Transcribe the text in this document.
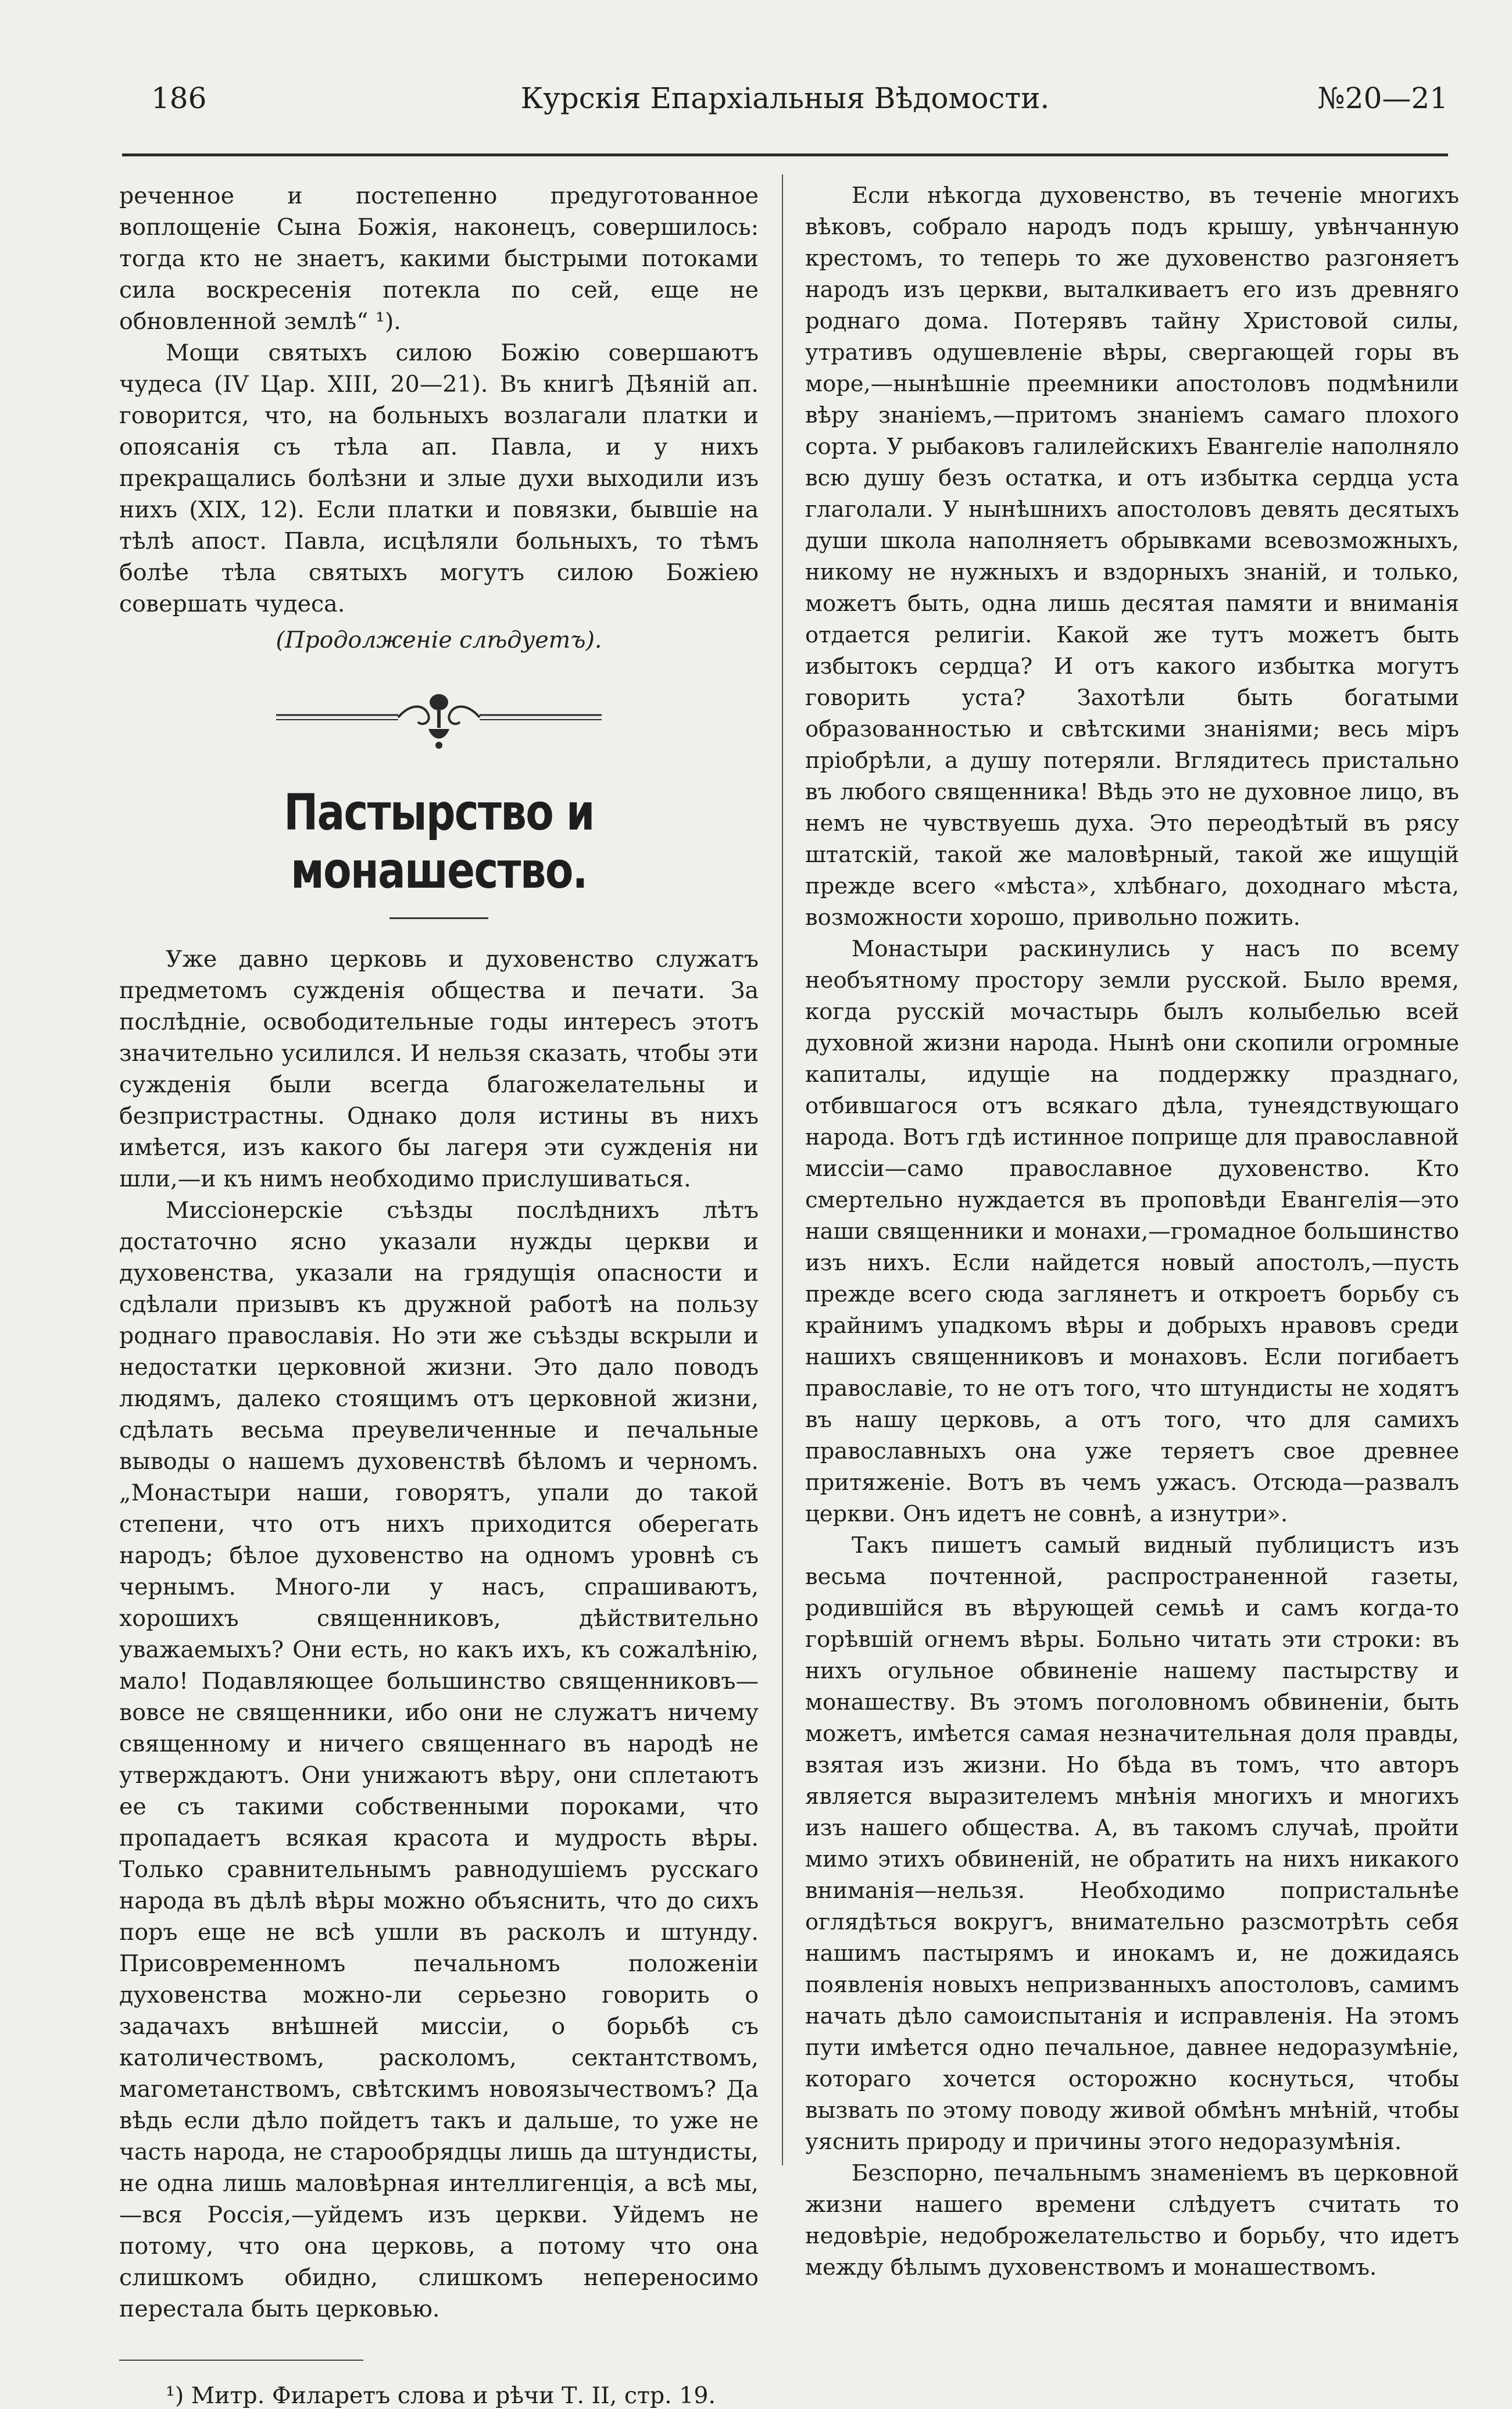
186	Курскія Епархіальныя Вѣдомости.	№20—21

реченное и постепенно предуготованное воплощеніе Сына Божія, наконецъ, совершилось: тогда кто не знаетъ, какими быстрыми потоками сила воскресенія потекла по сей, еще не обновленной землѣ“ ¹).

Мощи святыхъ силою Божію совершаютъ чудеса (IV Цар. XIII, 20—21). Въ книгѣ Дѣяній ап. говорится, что, на больныхъ возлагали платки и опоясанія съ тѣла ап. Павла, и у нихъ прекращались болѣзни и злые духи выходили изъ нихъ (XIX, 12). Если платки и повязки, бывшіе на тѣлѣ апост. Павла, исцѣляли больныхъ, то тѣмъ болѣе тѣла святыхъ могутъ силою Божіею совершать чудеса.

(Продолженіе слѣдуетъ).

Пастырство и монашество.

Уже давно церковь и духовенство служатъ предметомъ сужденія общества и печати. За послѣдніе, освободительные годы интересъ этотъ значительно усилился. И нельзя сказать, чтобы эти сужденія были всегда благожелательны и безпристрастны. Однако доля истины въ нихъ имѣется, изъ какого бы лагеря эти сужденія ни шли,—и къ нимъ необходимо прислушиваться.

Миссіонерскіе съѣзды послѣднихъ лѣтъ достаточно ясно указали нужды церкви и духовенства, указали на грядущія опасности и сдѣлали призывъ къ дружной работѣ на пользу роднаго православія. Но эти же съѣзды вскрыли и недостатки церковной жизни. Это дало поводъ людямъ, далеко стоящимъ отъ церковной жизни, сдѣлать весьма преувеличенные и печальные выводы о нашемъ духовенствѣ бѣломъ и черномъ. „Монастыри наши, говорятъ, упали до такой степени, что отъ нихъ приходится оберегать народъ; бѣлое духовенство на одномъ уровнѣ съ чернымъ. Много-ли у насъ, спрашиваютъ, хорошихъ священниковъ, дѣйствительно уважаемыхъ? Они есть, но какъ ихъ, къ сожалѣнію, мало! Подавляющее большинство священниковъ—вовсе не священники, ибо они не служатъ ничему священному и ничего священнаго въ народѣ не утверждаютъ. Они унижаютъ вѣру, они сплетаютъ ее съ такими собственными пороками, что пропадаетъ всякая красота и мудрость вѣры. Только сравнительнымъ равнодушіемъ русскаго народа въ дѣлѣ вѣры можно объяснить, что до сихъ поръ еще не всѣ ушли въ расколъ и штунду. Присовременномъ печальномъ положеніи духовенства можно-ли серьезно говорить о задачахъ внѣшней миссіи, о борьбѣ съ католичествомъ, расколомъ, сектантствомъ, магометанствомъ, свѣтскимъ новоязычествомъ? Да вѣдь если дѣло пойдетъ такъ и дальше, то уже не часть народа, не старообрядцы лишь да штундисты, не одна лишь маловѣрная интеллигенція, а всѣ мы,—вся Россія,—уйдемъ изъ церкви. Уйдемъ не потому, что она церковь, а потому что она слишкомъ обидно, слишкомъ непереносимо перестала быть церковью.

¹) Митр. Филаретъ слова и рѣчи Т. II, стр. 19.

Если нѣкогда духовенство, въ теченіе многихъ вѣковъ, собрало народъ подъ крышу, увѣнчанную крестомъ, то теперь то же духовенство разгоняетъ народъ изъ церкви, выталкиваетъ его изъ древняго роднаго дома. Потерявъ тайну Христовой силы, утративъ одушевленіе вѣры, свергающей горы въ море,—нынѣшніе преемники апостоловъ подмѣнили вѣру знаніемъ,—притомъ знаніемъ самаго плохого сорта. У рыбаковъ галилейскихъ Евангеліе наполняло всю душу безъ остатка, и отъ избытка сердца уста глаголали. У нынѣшнихъ апостоловъ девять десятыхъ души школа наполняетъ обрывками всевозможныхъ, никому не нужныхъ и вздорныхъ знаній, и только, можетъ быть, одна лишь десятая памяти и вниманія отдается религіи. Какой же тутъ можетъ быть избытокъ сердца? И отъ какого избытка могутъ говорить уста? Захотѣли быть богатыми образованностью и свѣтскими знаніями; весь міръ пріобрѣли, а душу потеряли. Вглядитесь пристально въ любого священника! Вѣдь это не духовное лицо, въ немъ не чувствуешь духа. Это переодѣтый въ рясу штатскій, такой же маловѣрный, такой же ищущій прежде всего «мѣста», хлѣбнаго, доходнаго мѣста, возможности хорошо, привольно пожить.

Монастыри раскинулись у насъ по всему необъятному простору земли русской. Было время, когда русскій мочастырь былъ колыбелью всей духовной жизни народа. Нынѣ они скопили огромные капиталы, идущіе на поддержку празднаго, отбившагося отъ всякаго дѣла, тунеядствующаго народа. Вотъ гдѣ истинное поприще для православной миссіи—само православное духовенство. Кто смертельно нуждается въ проповѣди Евангелія—это наши священники и монахи,—громадное большинство изъ нихъ. Если найдется новый апостолъ,—пусть прежде всего сюда заглянетъ и откроетъ борьбу съ крайнимъ упадкомъ вѣры и добрыхъ нравовъ среди нашихъ священниковъ и монаховъ. Если погибаетъ православіе, то не отъ того, что штундисты не ходятъ въ нашу церковь, а отъ того, что для самихъ православныхъ она уже теряетъ свое древнее притяженіе. Вотъ въ чемъ ужасъ. Отсюда—развалъ церкви. Онъ идетъ не совнѣ, а изнутри».

Такъ пишетъ самый видный публицистъ изъ весьма почтенной, распространенной газеты, родившійся въ вѣрующей семьѣ и самъ когда-то горѣвшій огнемъ вѣры. Больно читать эти строки: въ нихъ огульное обвиненіе нашему пастырству и монашеству. Въ этомъ поголовномъ обвиненіи, быть можетъ, имѣется самая незначительная доля правды, взятая изъ жизни. Но бѣда въ томъ, что авторъ является выразителемъ мнѣнія многихъ и многихъ изъ нашего общества. А, въ такомъ случаѣ, пройти мимо этихъ обвиненій, не обратить на нихъ никакого вниманія—нельзя. Необходимо попристальнѣе оглядѣться вокругъ, внимательно разсмотрѣть себя нашимъ пастырямъ и инокамъ и, не дожидаясь появленія новыхъ непризванныхъ апостоловъ, самимъ начать дѣло самоиспытанія и исправленія. На этомъ пути имѣется одно печальное, давнее недоразумѣніе, котораго хочется осторожно коснуться, чтобы вызвать по этому поводу живой обмѣнъ мнѣній, чтобы уяснить природу и причины этого недоразумѣнія.

Безспорно, печальнымъ знаменіемъ въ церковной жизни нашего времени слѣдуетъ считать то недовѣріе, недоброжелательство и борьбу, что идетъ между бѣлымъ духовенствомъ и монашествомъ.
